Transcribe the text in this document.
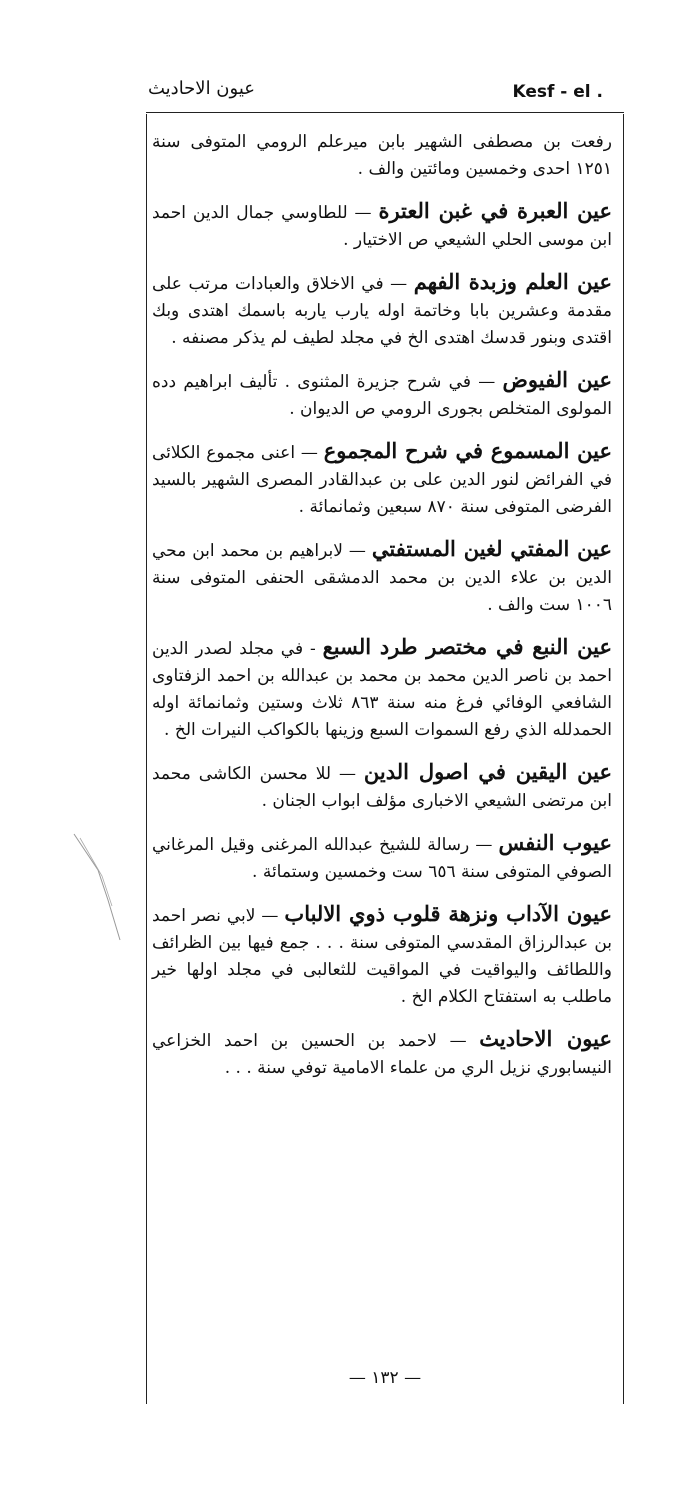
Kesf - el .
عيون الاحاديث

رفعت بن مصطفى الشهير بابن ميرعلم الرومي المتوفى سنة ١٢٥١ احدى وخمسين ومائتين والف .

عين العبرة في غبن العترة — للطاوسي جمال الدين احمد ابن موسى الحلي الشيعي ص الاختيار .

عين العلم وزبدة الفهم — في الاخلاق والعبادات مرتب على مقدمة وعشرين بابا وخاتمة اوله يارب ياربه باسمك اهتدى وبك اقتدى وبنور قدسك اهتدى الخ في مجلد لطيف لم يذكر مصنفه .

عين الفيوض — في شرح جزيرة المثنوى . تأليف ابراهيم دده المولوى المتخلص بجورى الرومي ص الديوان .

عين المسموع في شرح المجموع — اعنى مجموع الكلائى في الفرائض لنور الدين على بن عبدالقادر المصرى الشهير بالسيد الفرضى المتوفى سنة ٨٧٠ سبعين وثمانمائة .

عين المفتي لغين المستفتي — لابراهيم بن محمد ابن محي الدين بن علاء الدين بن محمد الدمشقى الحنفى المتوفى سنة ١٠٠٦ ست والف .

عين النبع في مختصر طرد السبع - في مجلد لصدر الدين احمد بن ناصر الدين محمد بن محمد بن عبدالله بن احمد الزفتاوى الشافعي الوفائي فرغ منه سنة ٨٦٣ ثلاث وستين وثمانمائة اوله الحمدلله الذي رفع السموات السبع وزينها بالكواكب النيرات الخ .

عين اليقين في اصول الدين — للا محسن الكاشى محمد ابن مرتضى الشيعي الاخبارى مؤلف ابواب الجنان .

عيوب النفس — رسالة للشيخ عبدالله المرغنى وقيل المرغاني الصوفي المتوفى سنة ٦٥٦ ست وخمسين وستمائة .

عيون الآداب ونزهة قلوب ذوي الالباب — لابي نصر احمد بن عبدالرزاق المقدسي المتوفى سنة . . . جمع فيها بين الظرائف واللطائف واليواقيت في المواقيت للثعالبى في مجلد اولها خير ماطلب به استفتاح الكلام الخ .

عيون الاحاديث — لاحمد بن الحسين بن احمد الخزاعي النيسابوري نزيل الري من علماء الامامية توفي سنة . . .

— ١٣٢ —
